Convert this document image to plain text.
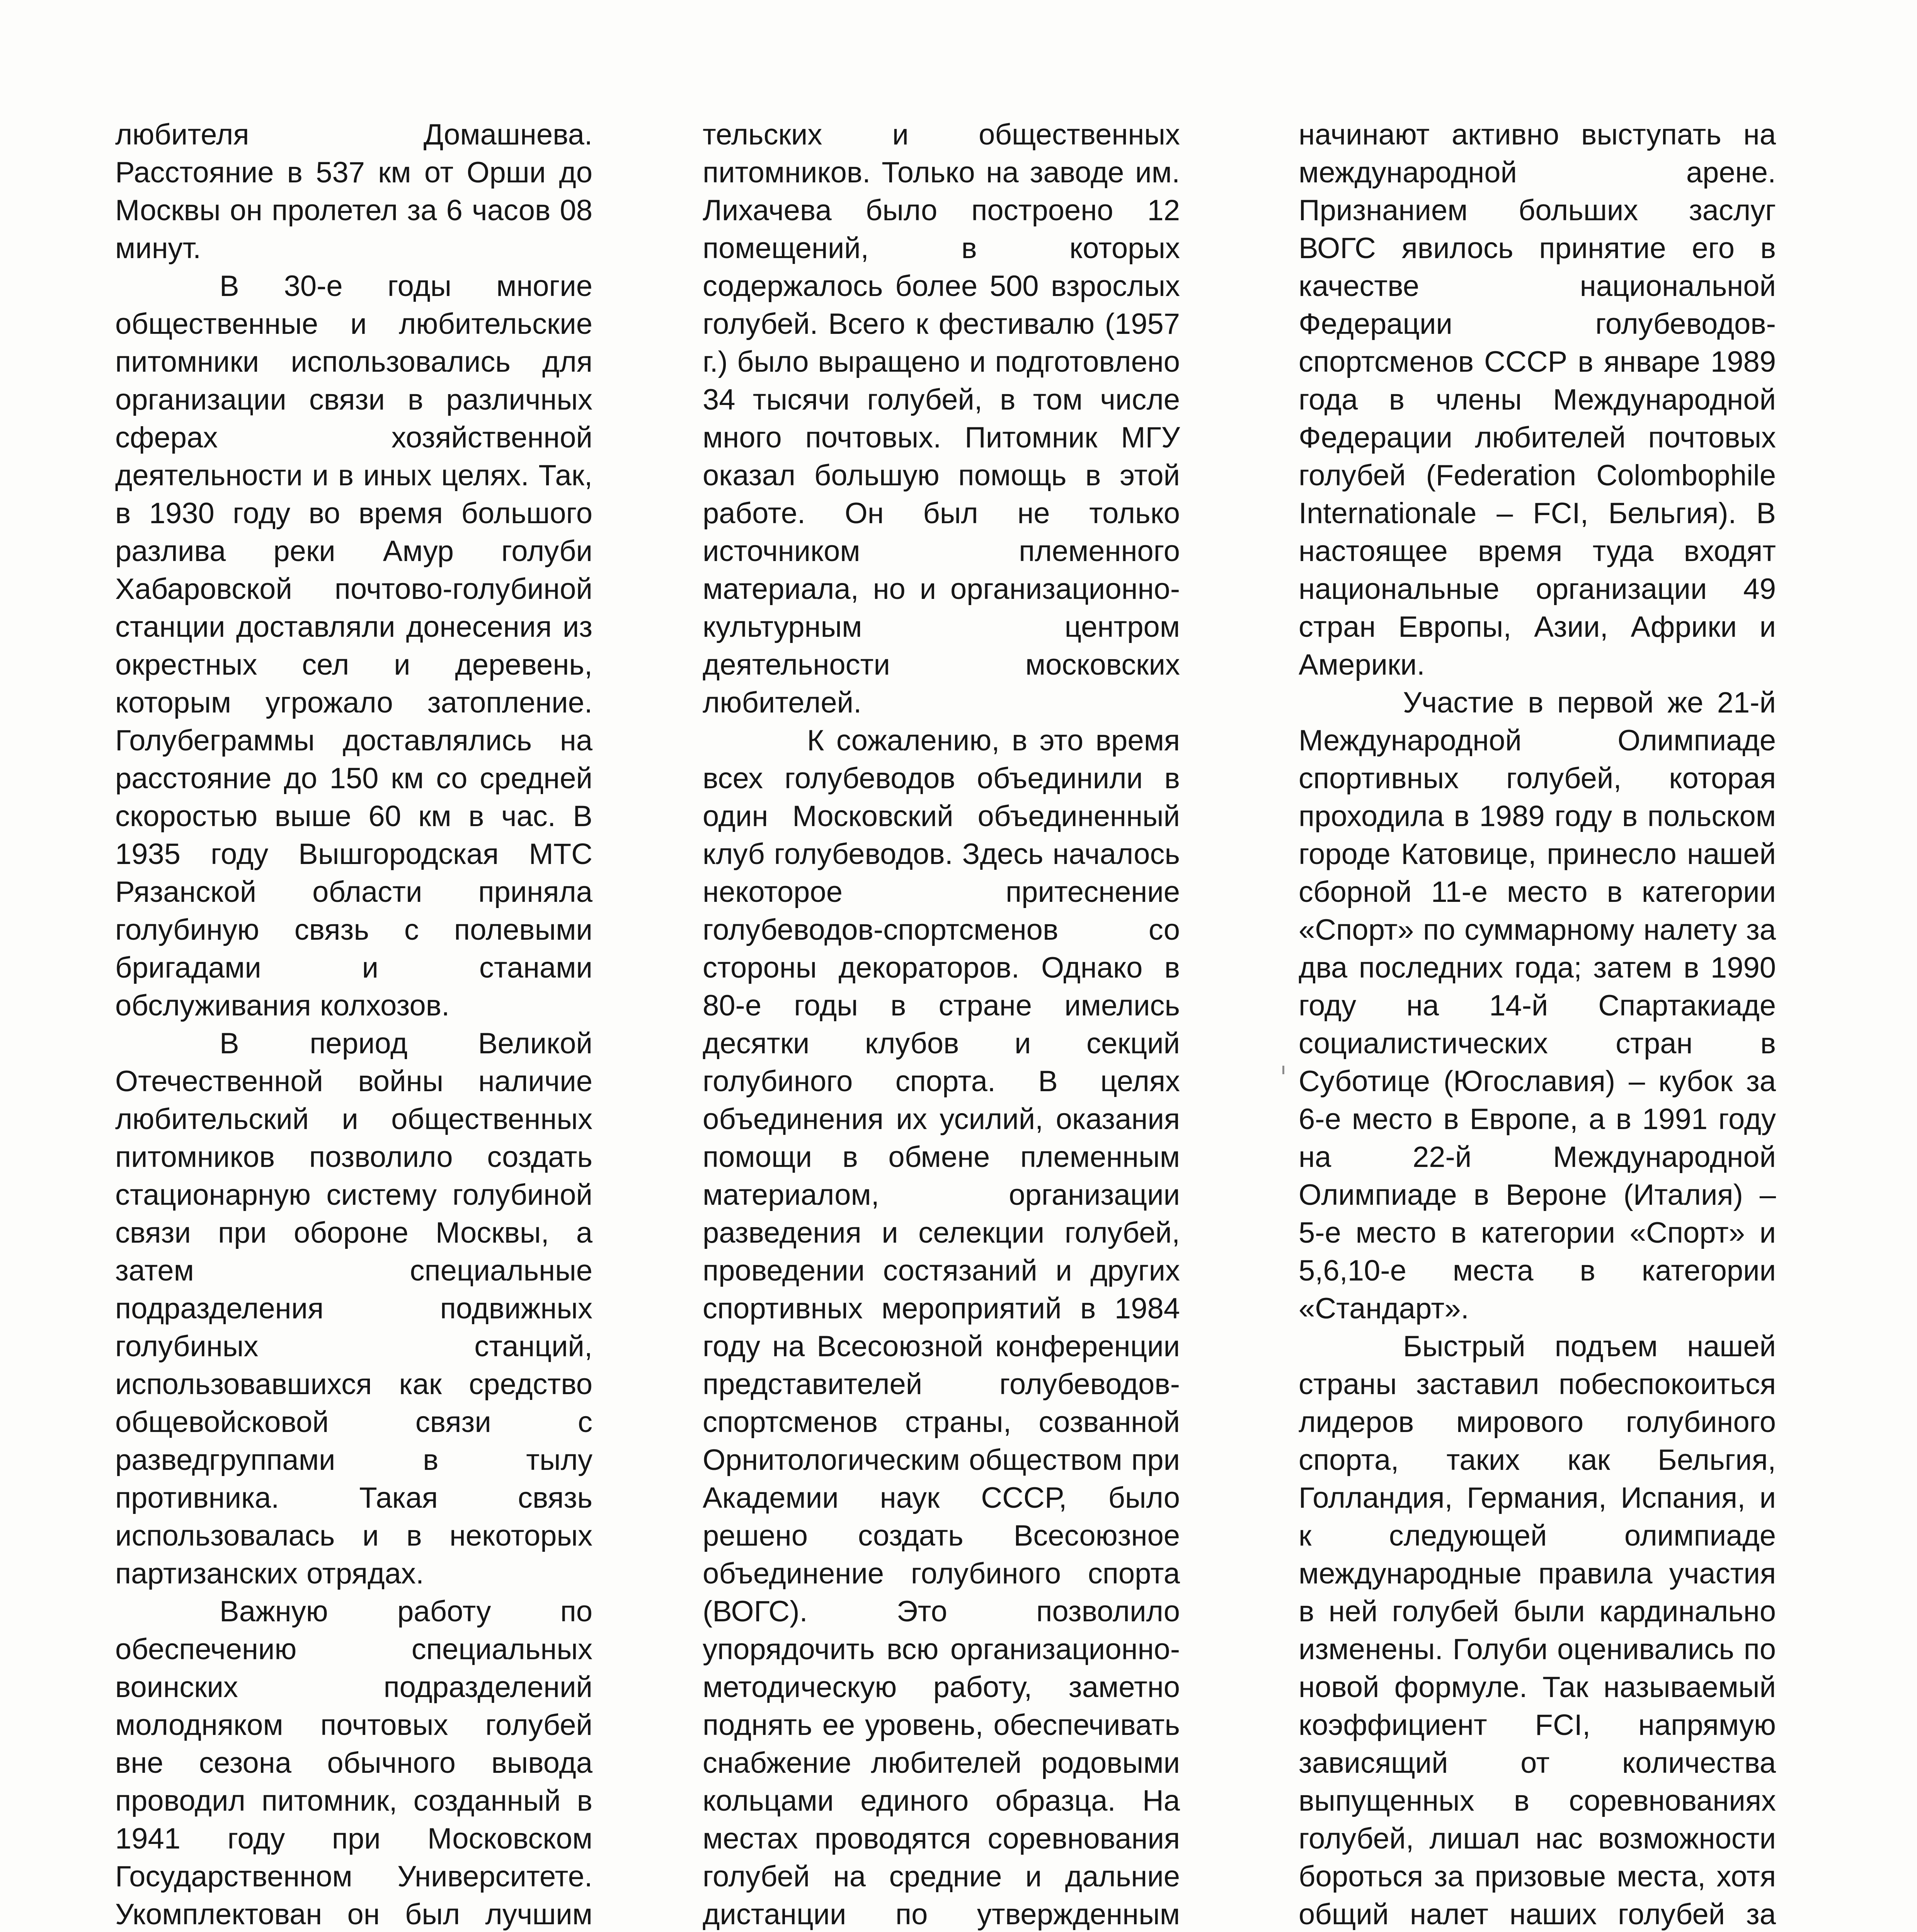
любителя Домашнева. Расстояние в 537 км от Орши до Москвы он пролетел за 6 часов 08 минут.

В 30-е годы многие общественные и любительские питомники использовались для организации связи в различных сферах хозяйственной деятельности и в иных целях. Так, в 1930 году во время большого разлива реки Амур голуби Хабаровской почтово-голубиной станции доставляли донесения из окрестных сел и деревень, которым угрожало затопление. Голубеграммы доставлялись на расстояние до 150 км со средней скоростью выше 60 км в час. В 1935 году Вышгородская МТС Рязанской области приняла голубиную связь с полевыми бригадами и станами обслуживания колхозов.

В период Великой Отечественной войны наличие любительский и общественных питомников позволило создать стационарную систему голубиной связи при обороне Москвы, а затем специальные подразделения подвижных голубиных станций, использовавшихся как средство общевойсковой связи с разведгруппами в тылу противника. Такая связь использовалась и в некоторых партизанских отрядах.

Важную работу по обеспечению специальных воинских подразделений молодняком почтовых голубей вне сезона обычного вывода проводил питомник, созданный в 1941 году при Московском Государственном Университете. Укомплектован он был лучшим

тельских и общественных питомников. Только на заводе им. Лихачева было построено 12 помещений, в которых содержалось более 500 взрослых голубей. Всего к фестивалю (1957 г.) было выращено и подготовлено 34 тысячи голубей, в том числе много почтовых. Питомник МГУ оказал большую помощь в этой работе. Он был не только источником племенного материала, но и организационно-культурным центром деятельности московских любителей.

К сожалению, в это время всех голубеводов объединили в один Московский объединенный клуб голубеводов. Здесь началось некоторое притеснение голубеводов-спортсменов со стороны декораторов. Однако в 80-е годы в стране имелись десятки клубов и секций голубиного спорта. В целях объединения их усилий, оказания помощи в обмене племенным материалом, организации разведения и селекции голубей, проведении состязаний и других спортивных мероприятий в 1984 году на Всесоюзной конференции представителей голубеводов-спортсменов страны, созванной Орнитологическим обществом при Академии наук СССР, было решено создать Всесоюзное объединение голубиного спорта (ВОГС). Это позволило упорядочить всю организационно-методическую работу, заметно поднять ее уровень, обеспечивать снабжение любителей родовыми кольцами единого образца. На местах проводятся соревнования голубей на средние и дальние дистанции по утвержденным

начинают активно выступать на международной арене. Признанием больших заслуг ВОГС явилось принятие его в качестве национальной Федерации голубеводов-спортсменов СССР в январе 1989 года в члены Международной Федерации любителей почтовых голубей (Federation Colombophile Internationale – FCI, Бельгия). В настоящее время туда входят национальные организации 49 стран Европы, Азии, Африки и Америки.

Участие в первой же 21-й Международной Олимпиаде спортивных голубей, которая проходила в 1989 году в польском городе Катовице, принесло нашей сборной 11-е место в категории «Спорт» по суммарному налету за два последних года; затем в 1990 году на 14-й Спартакиаде социалистических стран в Суботице (Югославия) – кубок за 6-е место в Европе, а в 1991 году на 22-й Международной Олимпиаде в Вероне (Италия) – 5-е место в категории «Спорт» и 5,6,10-е места в категории «Стандарт».

Быстрый подъем нашей страны заставил побеспокоиться лидеров мирового голубиного спорта, таких как Бельгия, Голландия, Германия, Испания, и к следующей олимпиаде международные правила участия в ней голубей были кардинально изменены. Голуби оценивались по новой формуле. Так называемый коэффициент FCI, напрямую зависящий от количества выпущенных в соревнованиях голубей, лишал нас возможности бороться за призовые места, хотя общий налет наших голубей за
